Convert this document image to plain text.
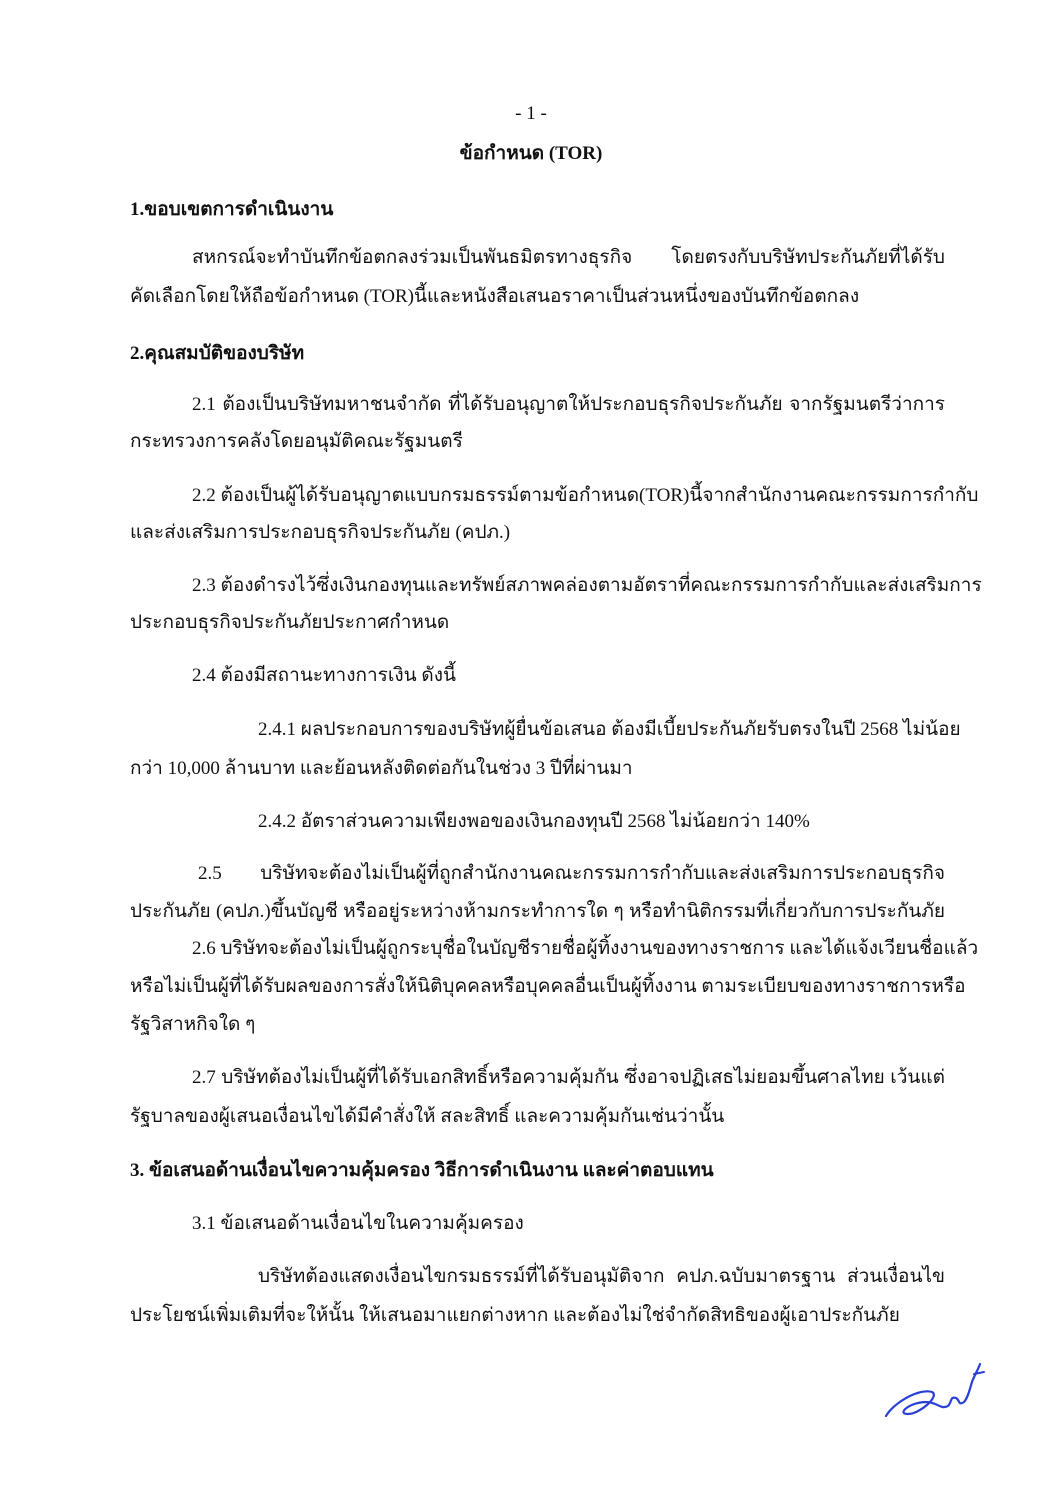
- 1 -
ข้อกำหนด (TOR)
1.ขอบเขตการดำเนินงาน
สหกรณ์จะทำบันทึกข้อตกลงร่วมเป็นพันธมิตรทางธุรกิจ โดยตรงกับบริษัทประกันภัยที่ได้รับ
คัดเลือกโดยให้ถือข้อกำหนด (TOR)นี้และหนังสือเสนอราคาเป็นส่วนหนึ่งของบันทึกข้อตกลง
2.คุณสมบัติของบริษัท
2.1 ต้องเป็นบริษัทมหาชนจำกัด ที่ได้รับอนุญาตให้ประกอบธุรกิจประกันภัย จากรัฐมนตรีว่าการ
กระทรวงการคลังโดยอนุมัติคณะรัฐมนตรี
2.2 ต้องเป็นผู้ได้รับอนุญาตแบบกรมธรรม์ตามข้อกำหนด(TOR)นี้จากสำนักงานคณะกรรมการกำกับ
และส่งเสริมการประกอบธุรกิจประกันภัย (คปภ.)
2.3 ต้องดำรงไว้ซึ่งเงินกองทุนและทรัพย์สภาพคล่องตามอัตราที่คณะกรรมการกำกับและส่งเสริมการ
ประกอบธุรกิจประกันภัยประกาศกำหนด
2.4 ต้องมีสถานะทางการเงิน ดังนี้
2.4.1 ผลประกอบการของบริษัทผู้ยื่นข้อเสนอ ต้องมีเบี้ยประกันภัยรับตรงในปี 2568 ไม่น้อย
กว่า 10,000 ล้านบาท และย้อนหลังติดต่อกันในช่วง 3 ปีที่ผ่านมา
2.4.2 อัตราส่วนความเพียงพอของเงินกองทุนปี 2568 ไม่น้อยกว่า 140%
2.5 บริษัทจะต้องไม่เป็นผู้ที่ถูกสำนักงานคณะกรรมการกำกับและส่งเสริมการประกอบธุรกิจ
ประกันภัย (คปภ.)ขึ้นบัญชี หรืออยู่ระหว่างห้ามกระทำการใด ๆ หรือทำนิติกรรมที่เกี่ยวกับการประกันภัย
2.6 บริษัทจะต้องไม่เป็นผู้ถูกระบุชื่อในบัญชีรายชื่อผู้ทิ้งงานของทางราชการ และได้แจ้งเวียนชื่อแล้ว
หรือไม่เป็นผู้ที่ได้รับผลของการสั่งให้นิติบุคคลหรือบุคคลอื่นเป็นผู้ทิ้งงาน ตามระเบียบของทางราชการหรือ
รัฐวิสาหกิจใด ๆ
2.7 บริษัทต้องไม่เป็นผู้ที่ได้รับเอกสิทธิ์หรือความคุ้มกัน ซึ่งอาจปฏิเสธไม่ยอมขึ้นศาลไทย เว้นแต่
รัฐบาลของผู้เสนอเงื่อนไขได้มีคำสั่งให้ สละสิทธิ์ และความคุ้มกันเช่นว่านั้น
3. ข้อเสนอด้านเงื่อนไขความคุ้มครอง วิธีการดำเนินงาน และค่าตอบแทน
3.1 ข้อเสนอด้านเงื่อนไขในความคุ้มครอง
บริษัทต้องแสดงเงื่อนไขกรมธรรม์ที่ได้รับอนุมัติจาก คปภ.ฉบับมาตรฐาน ส่วนเงื่อนไข
ประโยชน์เพิ่มเติมที่จะให้นั้น ให้เสนอมาแยกต่างหาก และต้องไม่ใช่จำกัดสิทธิของผู้เอาประกันภัย
